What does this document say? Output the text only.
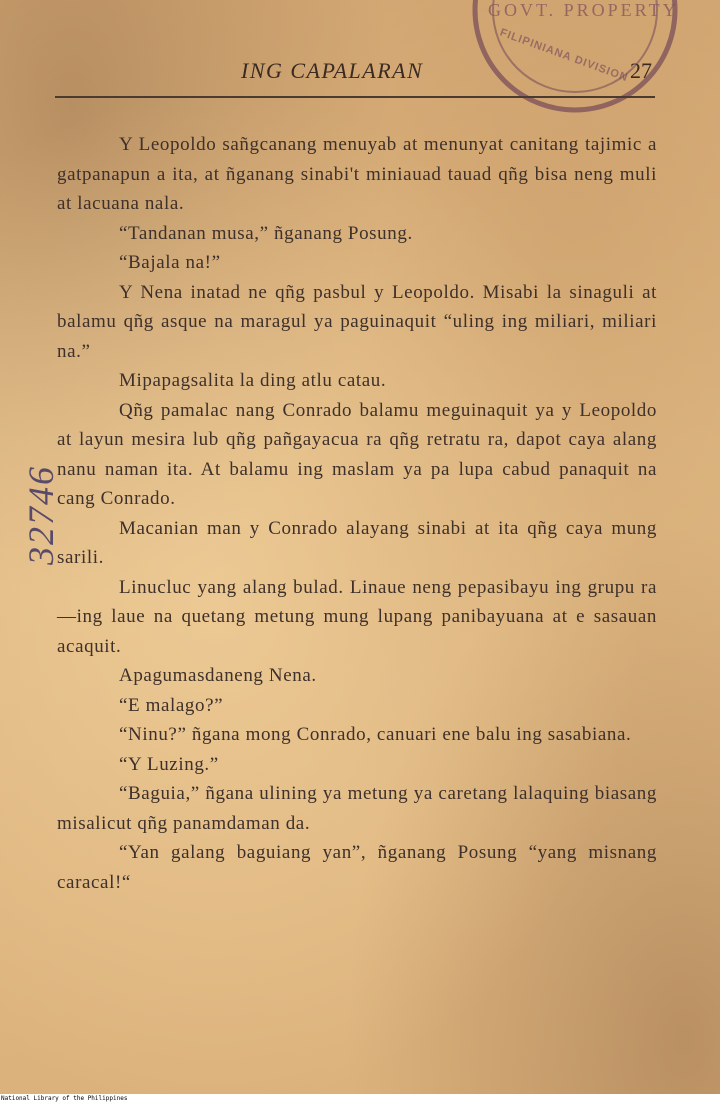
GOVT. PROPERTY
FILIPINIANA DIVISION
ING CAPALARAN	27

Y Leopoldo sañgcanang menuyab at menunyat canitang tajimic a gatpanapun a ita, at ñganang sinabi't miniauad tauad qñg bisa neng muli at lacuana nala.

“Tandanan musa,” ñganang Posung.

“Bajala na!”

Y Nena inatad ne qñg pasbul y Leopoldo. Misabi la sinaguli at balamu qñg asque na maragul ya paguinaquit “uling ing miliari, miliari na.”

Mipapagsalita la ding atlu catau.

Qñg pamalac nang Conrado balamu meguinaquit ya y Leopoldo at layun mesira lub qñg pañgayacua ra qñg retratu ra, dapot caya alang nanu naman ita. At balamu ing maslam ya pa lupa cabud panaquit na cang Conrado.

Macanian man y Conrado alayang sinabi at ita qñg caya mung sarili.

Linucluc yang alang bulad. Linaue neng pepasibayu ing grupu ra—ing laue na quetang metung mung lupang panibayuana at e sasauan acaquit.

Apagumasdaneng Nena.

“E malago?”

“Ninu?” ñgana mong Conrado, canuari ene balu ing sasabiana.

“Y Luzing.”

“Baguia,” ñgana ulining ya metung ya caretang lalaquing biasang misalicut qñg panamdaman da.

“Yan galang baguiang yan”, ñganang Posung “yang misnang caracal!“

32746
National Library of the Philippines
